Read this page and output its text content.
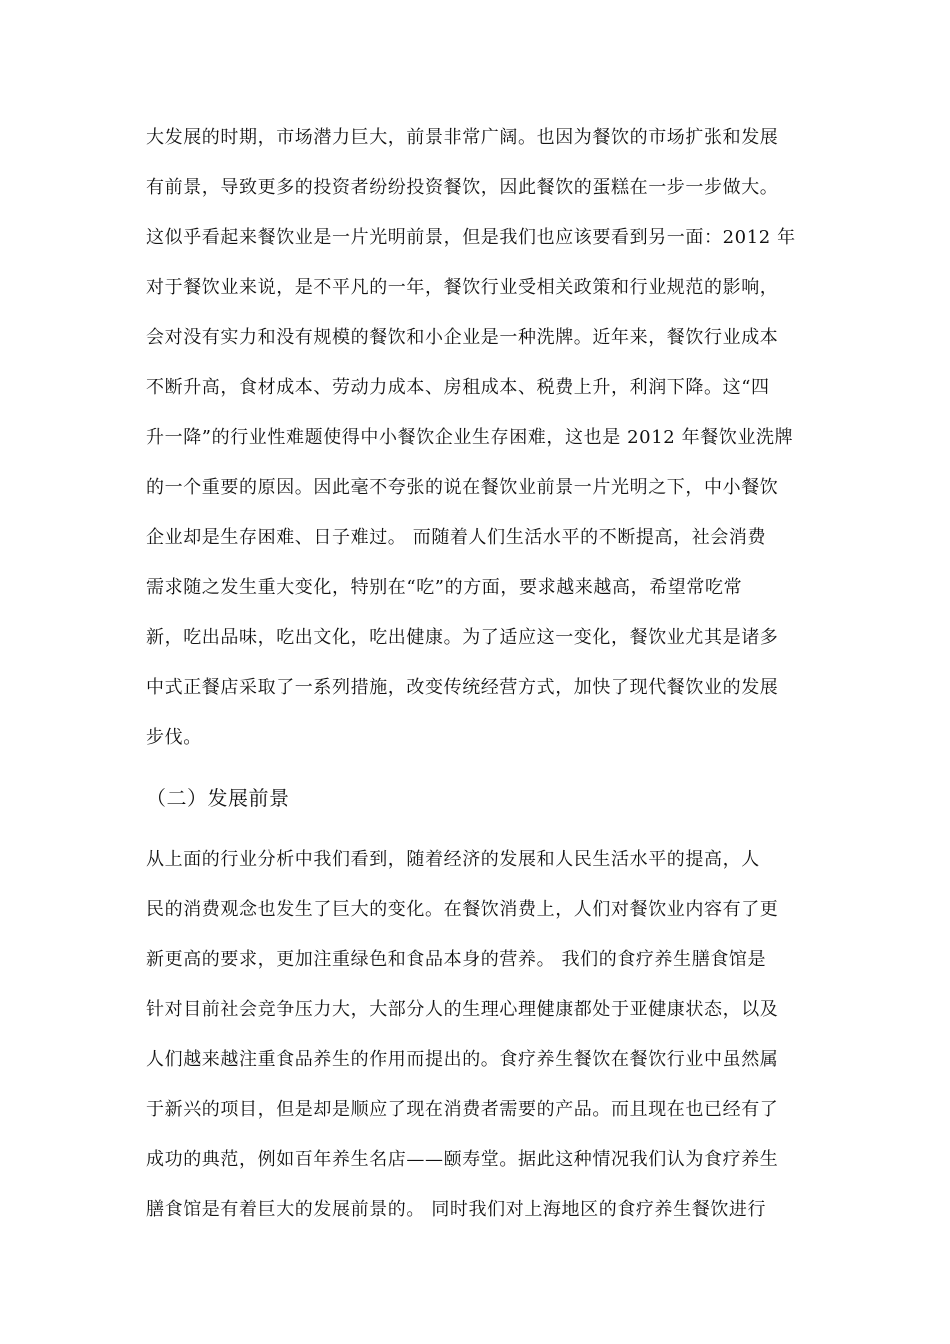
大发展的时期，市场潜力巨大，前景非常广阔。也因为餐饮的市场扩张和发展
有前景，导致更多的投资者纷纷投资餐饮，因此餐饮的蛋糕在一步一步做大。
这似乎看起来餐饮业是一片光明前景，但是我们也应该要看到另一面：2012 年
对于餐饮业来说，是不平凡的一年，餐饮行业受相关政策和行业规范的影响，
会对没有实力和没有规模的餐饮和小企业是一种洗牌。近年来，餐饮行业成本
不断升高，食材成本、劳动力成本、房租成本、税费上升，利润下降。这“四
升一降”的行业性难题使得中小餐饮企业生存困难，这也是 2012 年餐饮业洗牌
的一个重要的原因。因此毫不夸张的说在餐饮业前景一片光明之下，中小餐饮
企业却是生存困难、日子难过。 而随着人们生活水平的不断提高，社会消费
需求随之发生重大变化，特别在“吃”的方面，要求越来越高，希望常吃常
新，吃出品味，吃出文化，吃出健康。为了适应这一变化，餐饮业尤其是诸多
中式正餐店采取了一系列措施，改变传统经营方式，加快了现代餐饮业的发展
步伐。
（二）发展前景
从上面的行业分析中我们看到，随着经济的发展和人民生活水平的提高，人
民的消费观念也发生了巨大的变化。在餐饮消费上，人们对餐饮业内容有了更
新更高的要求，更加注重绿色和食品本身的营养。 我们的食疗养生膳食馆是
针对目前社会竞争压力大，大部分人的生理心理健康都处于亚健康状态，以及
人们越来越注重食品养生的作用而提出的。食疗养生餐饮在餐饮行业中虽然属
于新兴的项目，但是却是顺应了现在消费者需要的产品。而且现在也已经有了
成功的典范，例如百年养生名店——颐寿堂。据此这种情况我们认为食疗养生
膳食馆是有着巨大的发展前景的。 同时我们对上海地区的食疗养生餐饮进行
